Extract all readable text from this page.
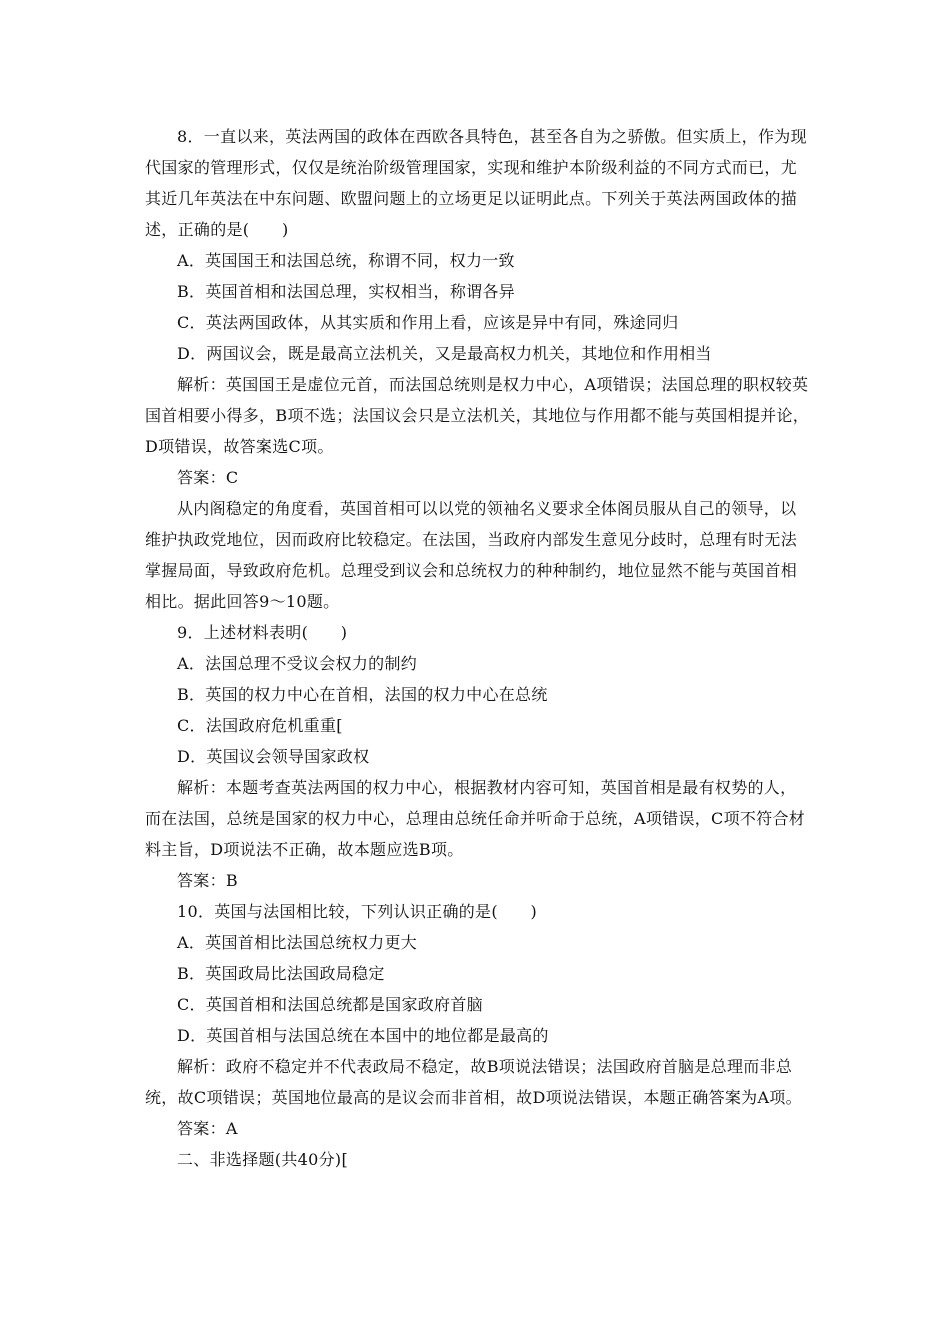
8．一直以来，英法两国的政体在西欧各具特色，甚至各自为之骄傲。但实质上，作为现代国家的管理形式，仅仅是统治阶级管理国家，实现和维护本阶级利益的不同方式而已，尤其近几年英法在中东问题、欧盟问题上的立场更足以证明此点。下列关于英法两国政体的描述，正确的是(　　)

A．英国国王和法国总统，称谓不同，权力一致

B．英国首相和法国总理，实权相当，称谓各异

C．英法两国政体，从其实质和作用上看，应该是异中有同，殊途同归

D．两国议会，既是最高立法机关，又是最高权力机关，其地位和作用相当

解析：英国国王是虚位元首，而法国总统则是权力中心，A项错误；法国总理的职权较英国首相要小得多，B项不选；法国议会只是立法机关，其地位与作用都不能与英国相提并论，D项错误，故答案选C项。

答案：C

从内阁稳定的角度看，英国首相可以以党的领袖名义要求全体阁员服从自己的领导，以维护执政党地位，因而政府比较稳定。在法国，当政府内部发生意见分歧时，总理有时无法掌握局面，导致政府危机。总理受到议会和总统权力的种种制约，地位显然不能与英国首相相比。据此回答9～10题。

9．上述材料表明(　　)

A．法国总理不受议会权力的制约

B．英国的权力中心在首相，法国的权力中心在总统

C．法国政府危机重重[

D．英国议会领导国家政权

解析：本题考查英法两国的权力中心，根据教材内容可知，英国首相是最有权势的人，而在法国，总统是国家的权力中心，总理由总统任命并听命于总统，A项错误，C项不符合材料主旨，D项说法不正确，故本题应选B项。

答案：B

10．英国与法国相比较，下列认识正确的是(　　)

A．英国首相比法国总统权力更大

B．英国政局比法国政局稳定

C．英国首相和法国总统都是国家政府首脑

D．英国首相与法国总统在本国中的地位都是最高的

解析：政府不稳定并不代表政局不稳定，故B项说法错误；法国政府首脑是总理而非总统，故C项错误；英国地位最高的是议会而非首相，故D项说法错误，本题正确答案为A项。

答案：A

二、非选择题(共40分)[
